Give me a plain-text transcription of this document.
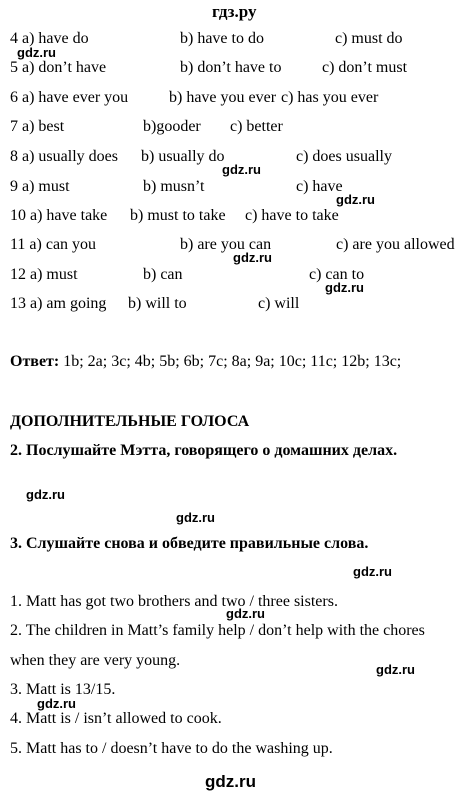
гдз.ру
4 a) have do	b) have to do	c) must do
5 a) don’t have	b) don’t have to	c) don’t must
6 a) have ever you	b) have you ever c) has you ever
7 a) best	b)gooder c) better
8 a) usually does b) usually do	c) does usually
9 a) must	b) musn’t	c) have
10 a) have take b) must to take c) have to take
11 a) can you	b) are you can	c) are you allowed
12 a) must	b) can	c) can to
13 a) am going b) will to	c) will
Ответ: 1b; 2a; 3c; 4b; 5b; 6b; 7c; 8a; 9a; 10c; 11c; 12b; 13c;
ДОПОЛНИТЕЛЬНЫЕ ГОЛОСА
2. Послушайте Мэтта, говорящего о домашних делах.
3. Слушайте снова и обведите правильные слова.
1. Matt has got two brothers and two / three sisters.
2. The children in Matt’s family help / don’t help with the chores
when they are very young.
3. Matt is 13/15.
4. Matt is / isn’t allowed to cook.
5. Matt has to / doesn’t have to do the washing up.
gdz.ru
gdz.ru
gdz.ru
gdz.ru
gdz.ru
gdz.ru
gdz.ru
gdz.ru
gdz.ru
gdz.ru
gdz.ru
gdz.ru
